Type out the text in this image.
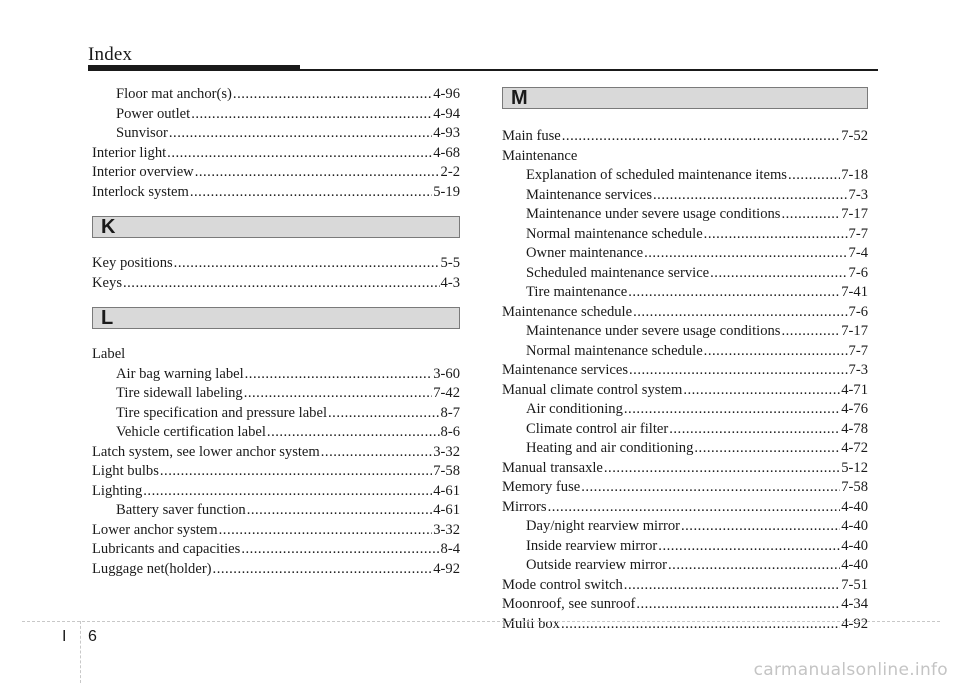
Index
Floor mat anchor(s) .....	4-96
Power outlet .....	4-94
Sunvisor .....	4-93
Interior light .....	4-68
Interior overview .....	2-2
Interlock system .....	5-19
K
Key positions .....	5-5
Keys .....	4-3
L
Label
Air bag warning label .....	3-60
Tire sidewall labeling .....	7-42
Tire specification and pressure label .....	8-7
Vehicle certification label .....	8-6
Latch system, see lower anchor system .....	3-32
Light bulbs .....	7-58
Lighting .....	4-61
Battery saver function .....	4-61
Lower anchor system .....	3-32
Lubricants and capacities .....	8-4
Luggage net(holder) .....	4-92
M
Main fuse .....	7-52
Maintenance
Explanation of scheduled maintenance items .....	7-18
Maintenance services .....	7-3
Maintenance under severe usage conditions .....	7-17
Normal maintenance schedule .....	7-7
Owner maintenance .....	7-4
Scheduled maintenance service .....	7-6
Tire maintenance .....	7-41
Maintenance schedule .....	7-6
Maintenance under severe usage conditions .....	7-17
Normal maintenance schedule .....	7-7
Maintenance services .....	7-3
Manual climate control system .....	4-71
Air conditioning .....	4-76
Climate control air filter .....	4-78
Heating and air conditioning .....	4-72
Manual transaxle .....	5-12
Memory fuse .....	7-58
Mirrors .....	4-40
Day/night rearview mirror .....	4-40
Inside rearview mirror .....	4-40
Outside rearview mirror .....	4-40
Mode control switch .....	7-51
Moonroof, see sunroof .....	4-34
Multi box .....	4-92
I 6
carmanualsonline.info
